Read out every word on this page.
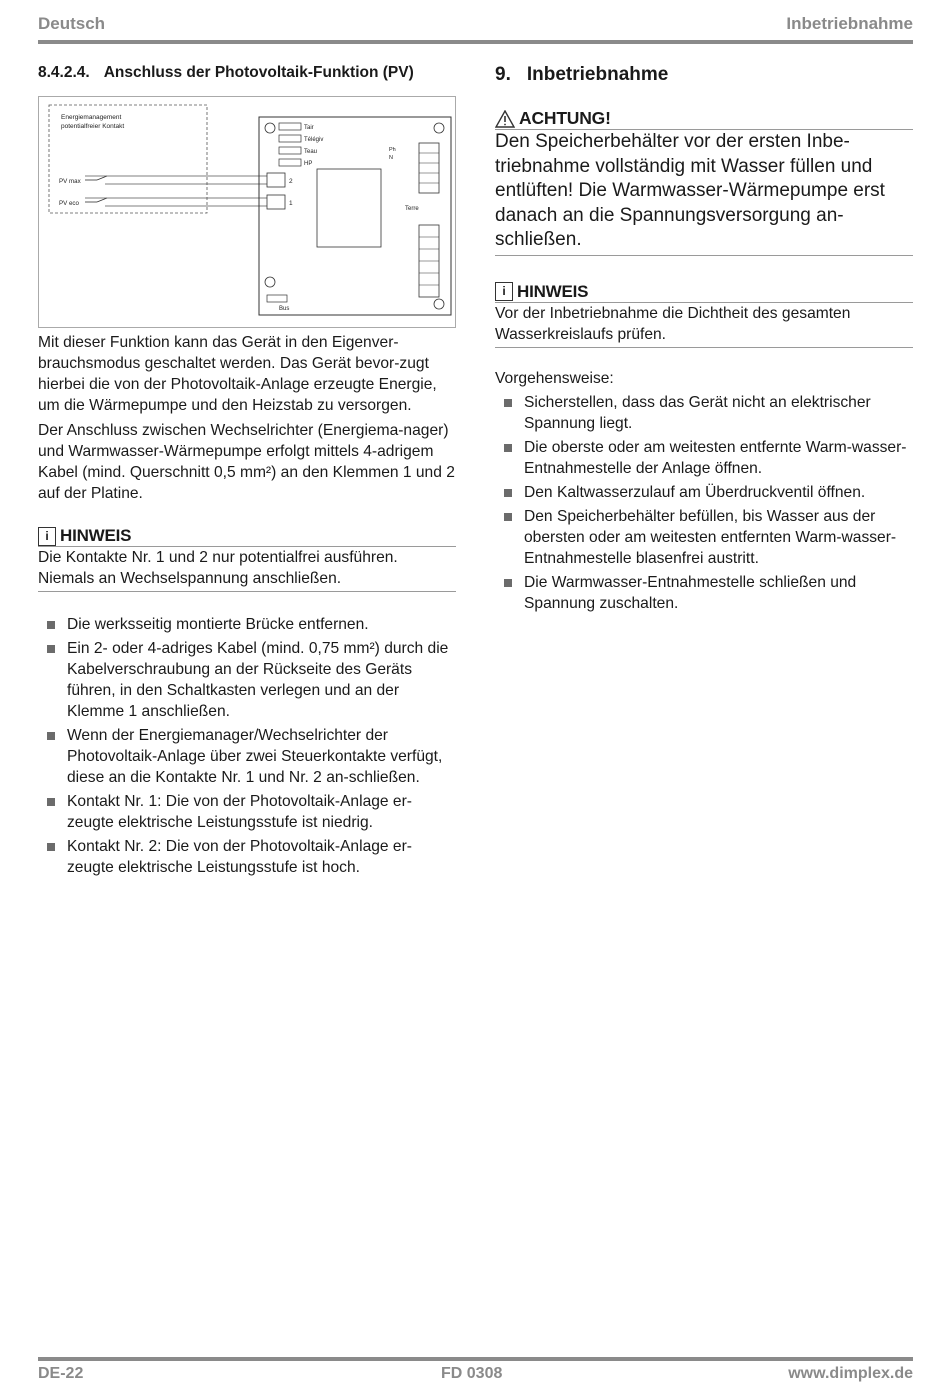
Deutsch	Inbetriebnahme
8.4.2.4. Anschluss der Photovoltaik-Funktion (PV)
Energiemanagement
potentialfreier Kontakt
PV max
PV eco
Tair
Télégiv
Teau
HP
2
1
Ph
N
Terre
Bus

Mit dieser Funktion kann das Gerät in den Eigenver-brauchsmodus geschaltet werden. Das Gerät bevor-zugt hierbei die von der Photovoltaik-Anlage erzeugte Energie, um die Wärmepumpe und den Heizstab zu versorgen.

Der Anschluss zwischen Wechselrichter (Energiema-nager) und Warmwasser-Wärmepumpe erfolgt mittels 4-adrigem Kabel (mind. Querschnitt 0,5 mm²) an den Klemmen 1 und 2 auf der Platine.

i HINWEIS
Die Kontakte Nr. 1 und 2 nur potentialfrei ausführen.
Niemals an Wechselspannung anschließen.
Die werksseitig montierte Brücke entfernen.
Ein 2- oder 4-adriges Kabel (mind. 0,75 mm²) durch die Kabelverschraubung an der Rückseite des Geräts führen, in den Schaltkasten verlegen und an der Klemme 1 anschließen.
Wenn der Energiemanager/Wechselrichter der Photovoltaik-Anlage über zwei Steuerkontakte verfügt, diese an die Kontakte Nr. 1 und Nr. 2 an-schließen.
Kontakt Nr. 1: Die von der Photovoltaik-Anlage er-zeugte elektrische Leistungsstufe ist niedrig.
Kontakt Nr. 2: Die von der Photovoltaik-Anlage er-zeugte elektrische Leistungsstufe ist hoch.
9. Inbetriebnahme
ACHTUNG!
Den Speicherbehälter vor der ersten Inbe-triebnahme vollständig mit Wasser füllen und entlüften! Die Warmwasser-Wärmepumpe erst danach an die Spannungsversorgung an-schließen.
i HINWEIS
Vor der Inbetriebnahme die Dichtheit des gesamten Wasserkreislaufs prüfen.

Vorgehensweise:

Sicherstellen, dass das Gerät nicht an elektrischer Spannung liegt.
Die oberste oder am weitesten entfernte Warm-wasser-Entnahmestelle der Anlage öffnen.
Den Kaltwasserzulauf am Überdruckventil öffnen.
Den Speicherbehälter befüllen, bis Wasser aus der obersten oder am weitesten entfernten Warm-wasser-Entnahmestelle blasenfrei austritt.
Die Warmwasser-Entnahmestelle schließen und Spannung zuschalten.
DE-22	FD 0308	www.dimplex.de
